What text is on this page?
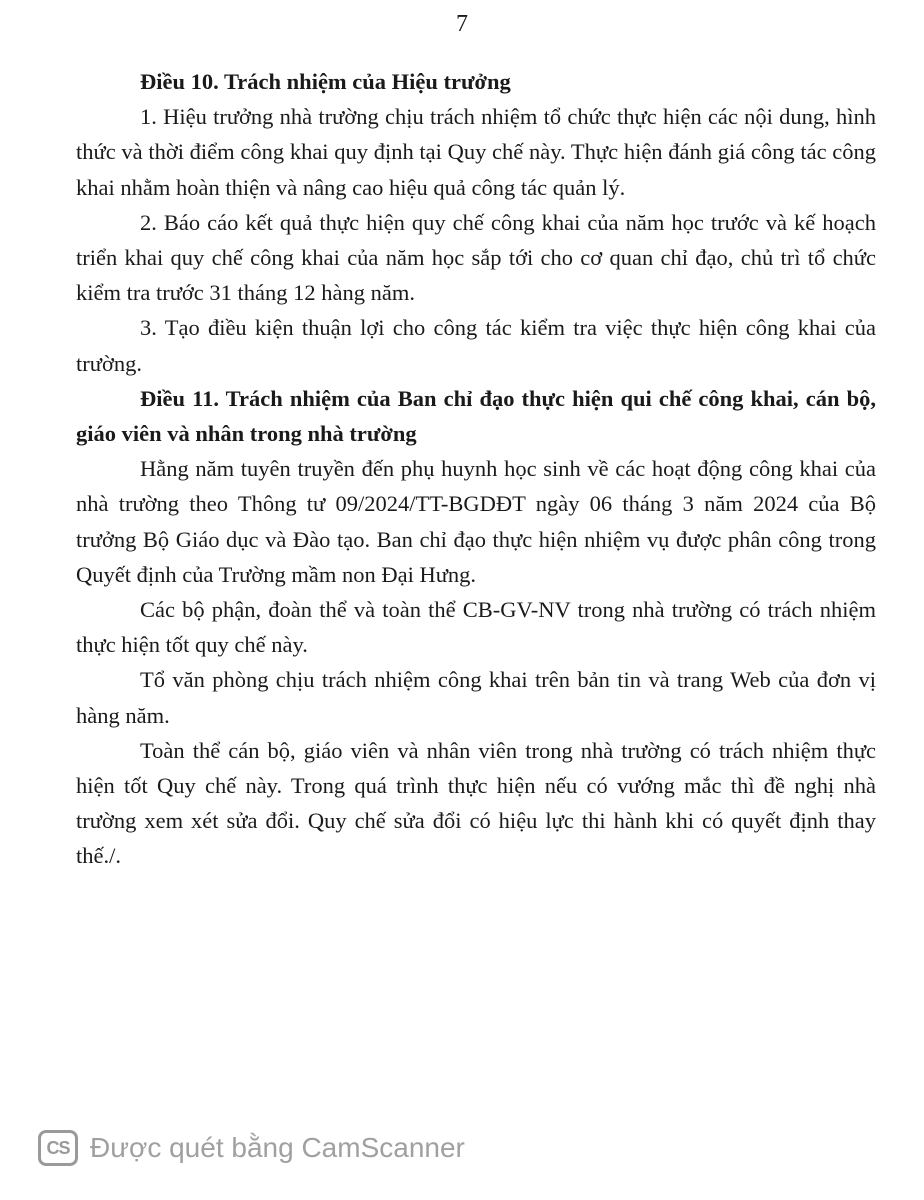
7

Điều 10. Trách nhiệm của Hiệu trưởng

1. Hiệu trưởng nhà trường chịu trách nhiệm tổ chức thực hiện các nội dung, hình thức và thời điểm công khai quy định tại Quy chế này. Thực hiện đánh giá công tác công khai nhằm hoàn thiện và nâng cao hiệu quả công tác quản lý.

2. Báo cáo kết quả thực hiện quy chế công khai của năm học trước và kế hoạch triển khai quy chế công khai của năm học sắp tới cho cơ quan chỉ đạo, chủ trì tổ chức kiểm tra trước 31 tháng 12 hàng năm.

3. Tạo điều kiện thuận lợi cho công tác kiểm tra việc thực hiện công khai của trường.

Điều 11. Trách nhiệm của Ban chỉ đạo thực hiện qui chế công khai, cán bộ, giáo viên và nhân trong nhà trường

Hằng năm tuyên truyền đến phụ huynh học sinh về các hoạt động công khai của nhà trường theo Thông tư 09/2024/TT-BGDĐT ngày 06 tháng 3 năm 2024 của Bộ trưởng Bộ Giáo dục và Đào tạo. Ban chỉ đạo thực hiện nhiệm vụ được phân công trong Quyết định của Trường mầm non Đại Hưng.

Các bộ phận, đoàn thể và toàn thể CB-GV-NV trong nhà trường có trách nhiệm thực hiện tốt quy chế này.

Tổ văn phòng chịu trách nhiệm công khai trên bản tin và trang Web của đơn vị hàng năm.

Toàn thể cán bộ, giáo viên và nhân viên trong nhà trường có trách nhiệm thực hiện tốt Quy chế này. Trong quá trình thực hiện nếu có vướng mắc thì đề nghị nhà trường xem xét sửa đổi. Quy chế sửa đổi có hiệu lực thi hành khi có quyết định thay thế./.

CS Được quét bằng CamScanner
